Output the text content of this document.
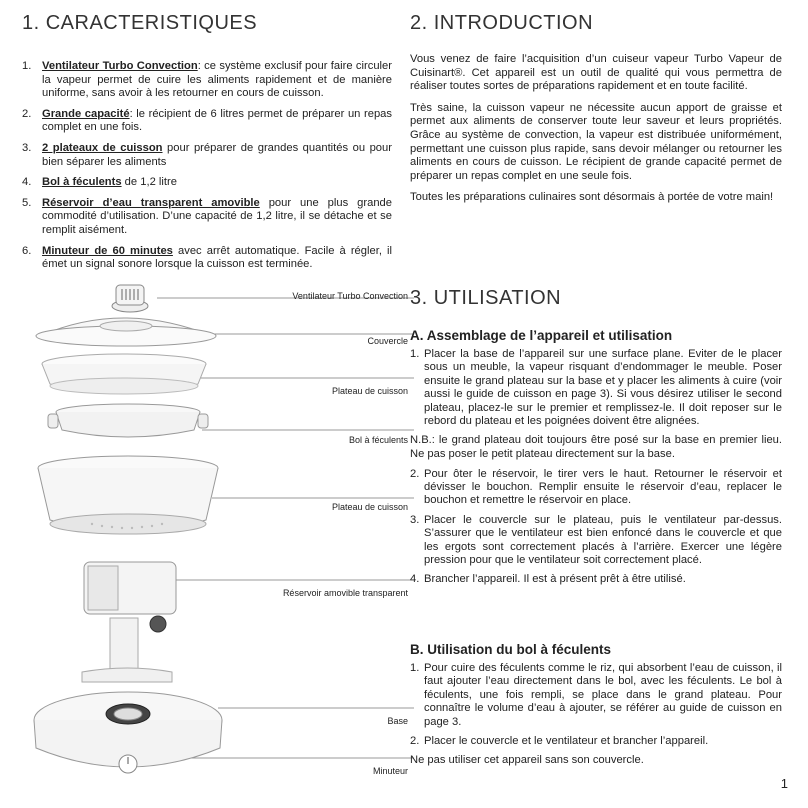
1. CARACTERISTIQUES
1. Ventilateur Turbo Convection: ce système exclusif pour faire circuler la vapeur permet de cuire les aliments rapidement et de manière uniforme, sans avoir à les retourner en cours de cuisson.
2. Grande capacité: le récipient de 6 litres permet de préparer un repas complet en une fois.
3. 2 plateaux de cuisson pour préparer de grandes quantités ou pour bien séparer les aliments
4. Bol à féculents de 1,2 litre
5. Réservoir d’eau transparent amovible pour une plus grande commodité d’utilisation. D’une capacité de 1,2 litre, il se détache et se remplit aisément.
6. Minuteur de 60 minutes avec arrêt automatique. Facile à régler, il émet un signal sonore lorsque la cuisson est terminée.
Ventilateur Turbo Convection
Couvercle
Plateau de cuisson
Bol à féculents
Plateau de cuisson
Réservoir amovible transparent
Base
Minuteur
2. INTRODUCTION

Vous venez de faire l’acquisition d’un cuiseur vapeur Turbo Vapeur de Cuisinart®. Cet appareil est un outil de qualité qui vous permettra de réaliser toutes sortes de préparations rapidement et en toute facilité.

Très saine, la cuisson vapeur ne nécessite aucun apport de graisse et permet aux aliments de conserver toute leur saveur et leurs propriétés. Grâce au système de convection, la vapeur est distribuée uniformément, permettant une cuisson plus rapide, sans devoir mélanger ou retourner les aliments en cours de cuisson. Le récipient de grande capacité permet de préparer un repas complet en une seule fois.

Toutes les préparations culinaires sont désormais à portée de votre main!

3. UTILISATION
A. Assemblage de l’appareil et utilisation
1. Placer la base de l’appareil sur une surface plane. Eviter de le placer sous un meuble, la vapeur risquant d’endommager le meuble. Poser ensuite le grand plateau sur la base et y placer les aliments à cuire (voir aussi le guide de cuisson en page 3). Si vous désirez utiliser le second plateau, placez-le sur le premier et remplissez-le. Il doit reposer sur le rebord du plateau et les poignées doivent être alignées.

N.B.: le grand plateau doit toujours être posé sur la base en premier lieu. Ne pas poser le petit plateau directement sur la base.

2. Pour ôter le réservoir, le tirer vers le haut. Retourner le réservoir et dévisser le bouchon. Remplir ensuite le réservoir d’eau, replacer le bouchon et remettre le réservoir en place.
3. Placer le couvercle sur le plateau, puis le ventilateur par-dessus. S’assurer que le ventilateur est bien enfoncé dans le couvercle et que les ergots sont correctement placés à l’arrière. Exercer une légère pression pour que le ventilateur soit correctement placé.
4. Brancher l’appareil. Il est à présent prêt à être utilisé.
B. Utilisation du bol à féculents
1. Pour cuire des féculents comme le riz, qui absorbent l’eau de cuisson, il faut ajouter l’eau directement dans le bol, avec les féculents. Le bol à féculents, une fois rempli, se place dans le grand plateau. Pour connaître le volume d’eau à ajouter, se référer au guide de cuisson en page 3.
2. Placer le couvercle et le ventilateur et brancher l’appareil.

Ne pas utiliser cet appareil sans son couvercle.

1
